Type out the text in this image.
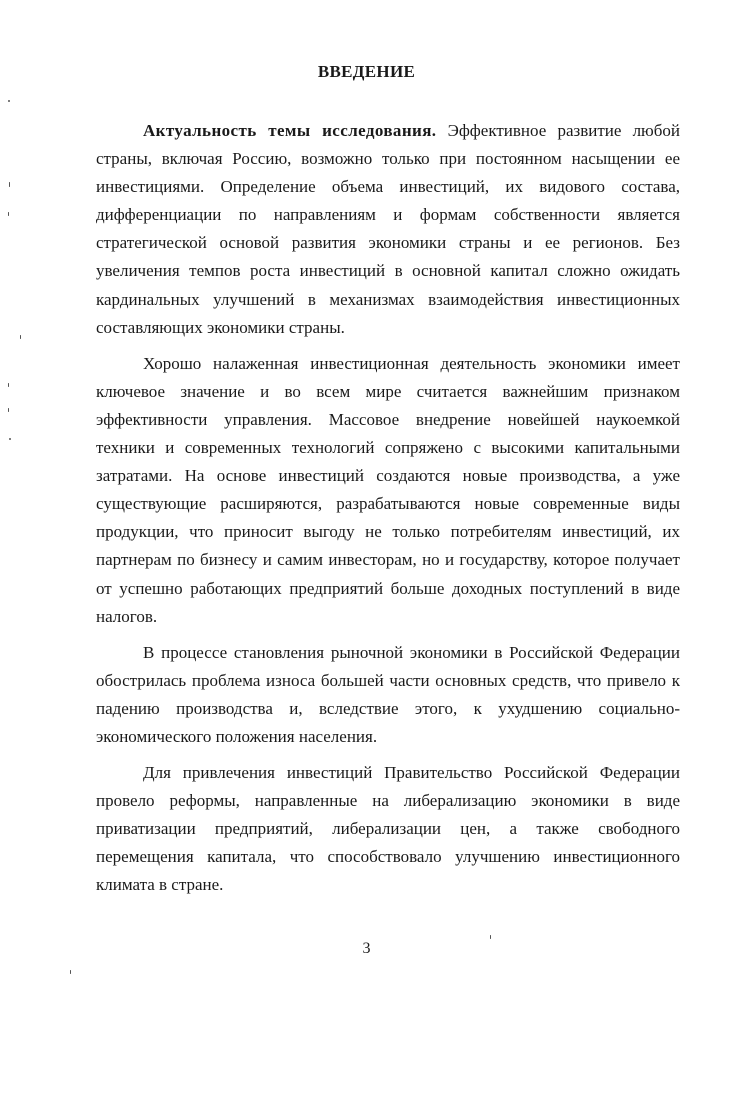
ВВЕДЕНИЕ

Актуальность темы исследования. Эффективное развитие любой страны, включая Россию, возможно только при постоянном насыщении ее инвестициями. Определение объема инвестиций, их видового состава, дифференциации по направлениям и формам собственности является стратегической основой развития экономики страны и ее регионов. Без увеличения темпов роста инвестиций в основной капитал сложно ожидать кардинальных улучшений в механизмах взаимодействия инвестиционных составляющих экономики страны.

Хорошо налаженная инвестиционная деятельность экономики имеет ключевое значение и во всем мире считается важнейшим признаком эффективности управления. Массовое внедрение новейшей наукоемкой техники и современных технологий сопряжено с высокими капитальными затратами. На основе инвестиций создаются новые производства, а уже существующие расширяются, разрабатываются новые современные виды продукции, что приносит выгоду не только потребителям инвестиций, их партнерам по бизнесу и самим инвесторам, но и государству, которое получает от успешно работающих предприятий больше доходных поступлений в виде налогов.

В процессе становления рыночной экономики в Российской Федерации обострилась проблема износа большей части основных средств, что привело к падению производства и, вследствие этого, к ухудшению социально-экономического положения населения.

Для привлечения инвестиций Правительство Российской Федерации провело реформы, направленные на либерализацию экономики в виде приватизации предприятий, либерализации цен, а также свободного перемещения капитала, что способствовало улучшению инвестиционного климата в стране.

3
